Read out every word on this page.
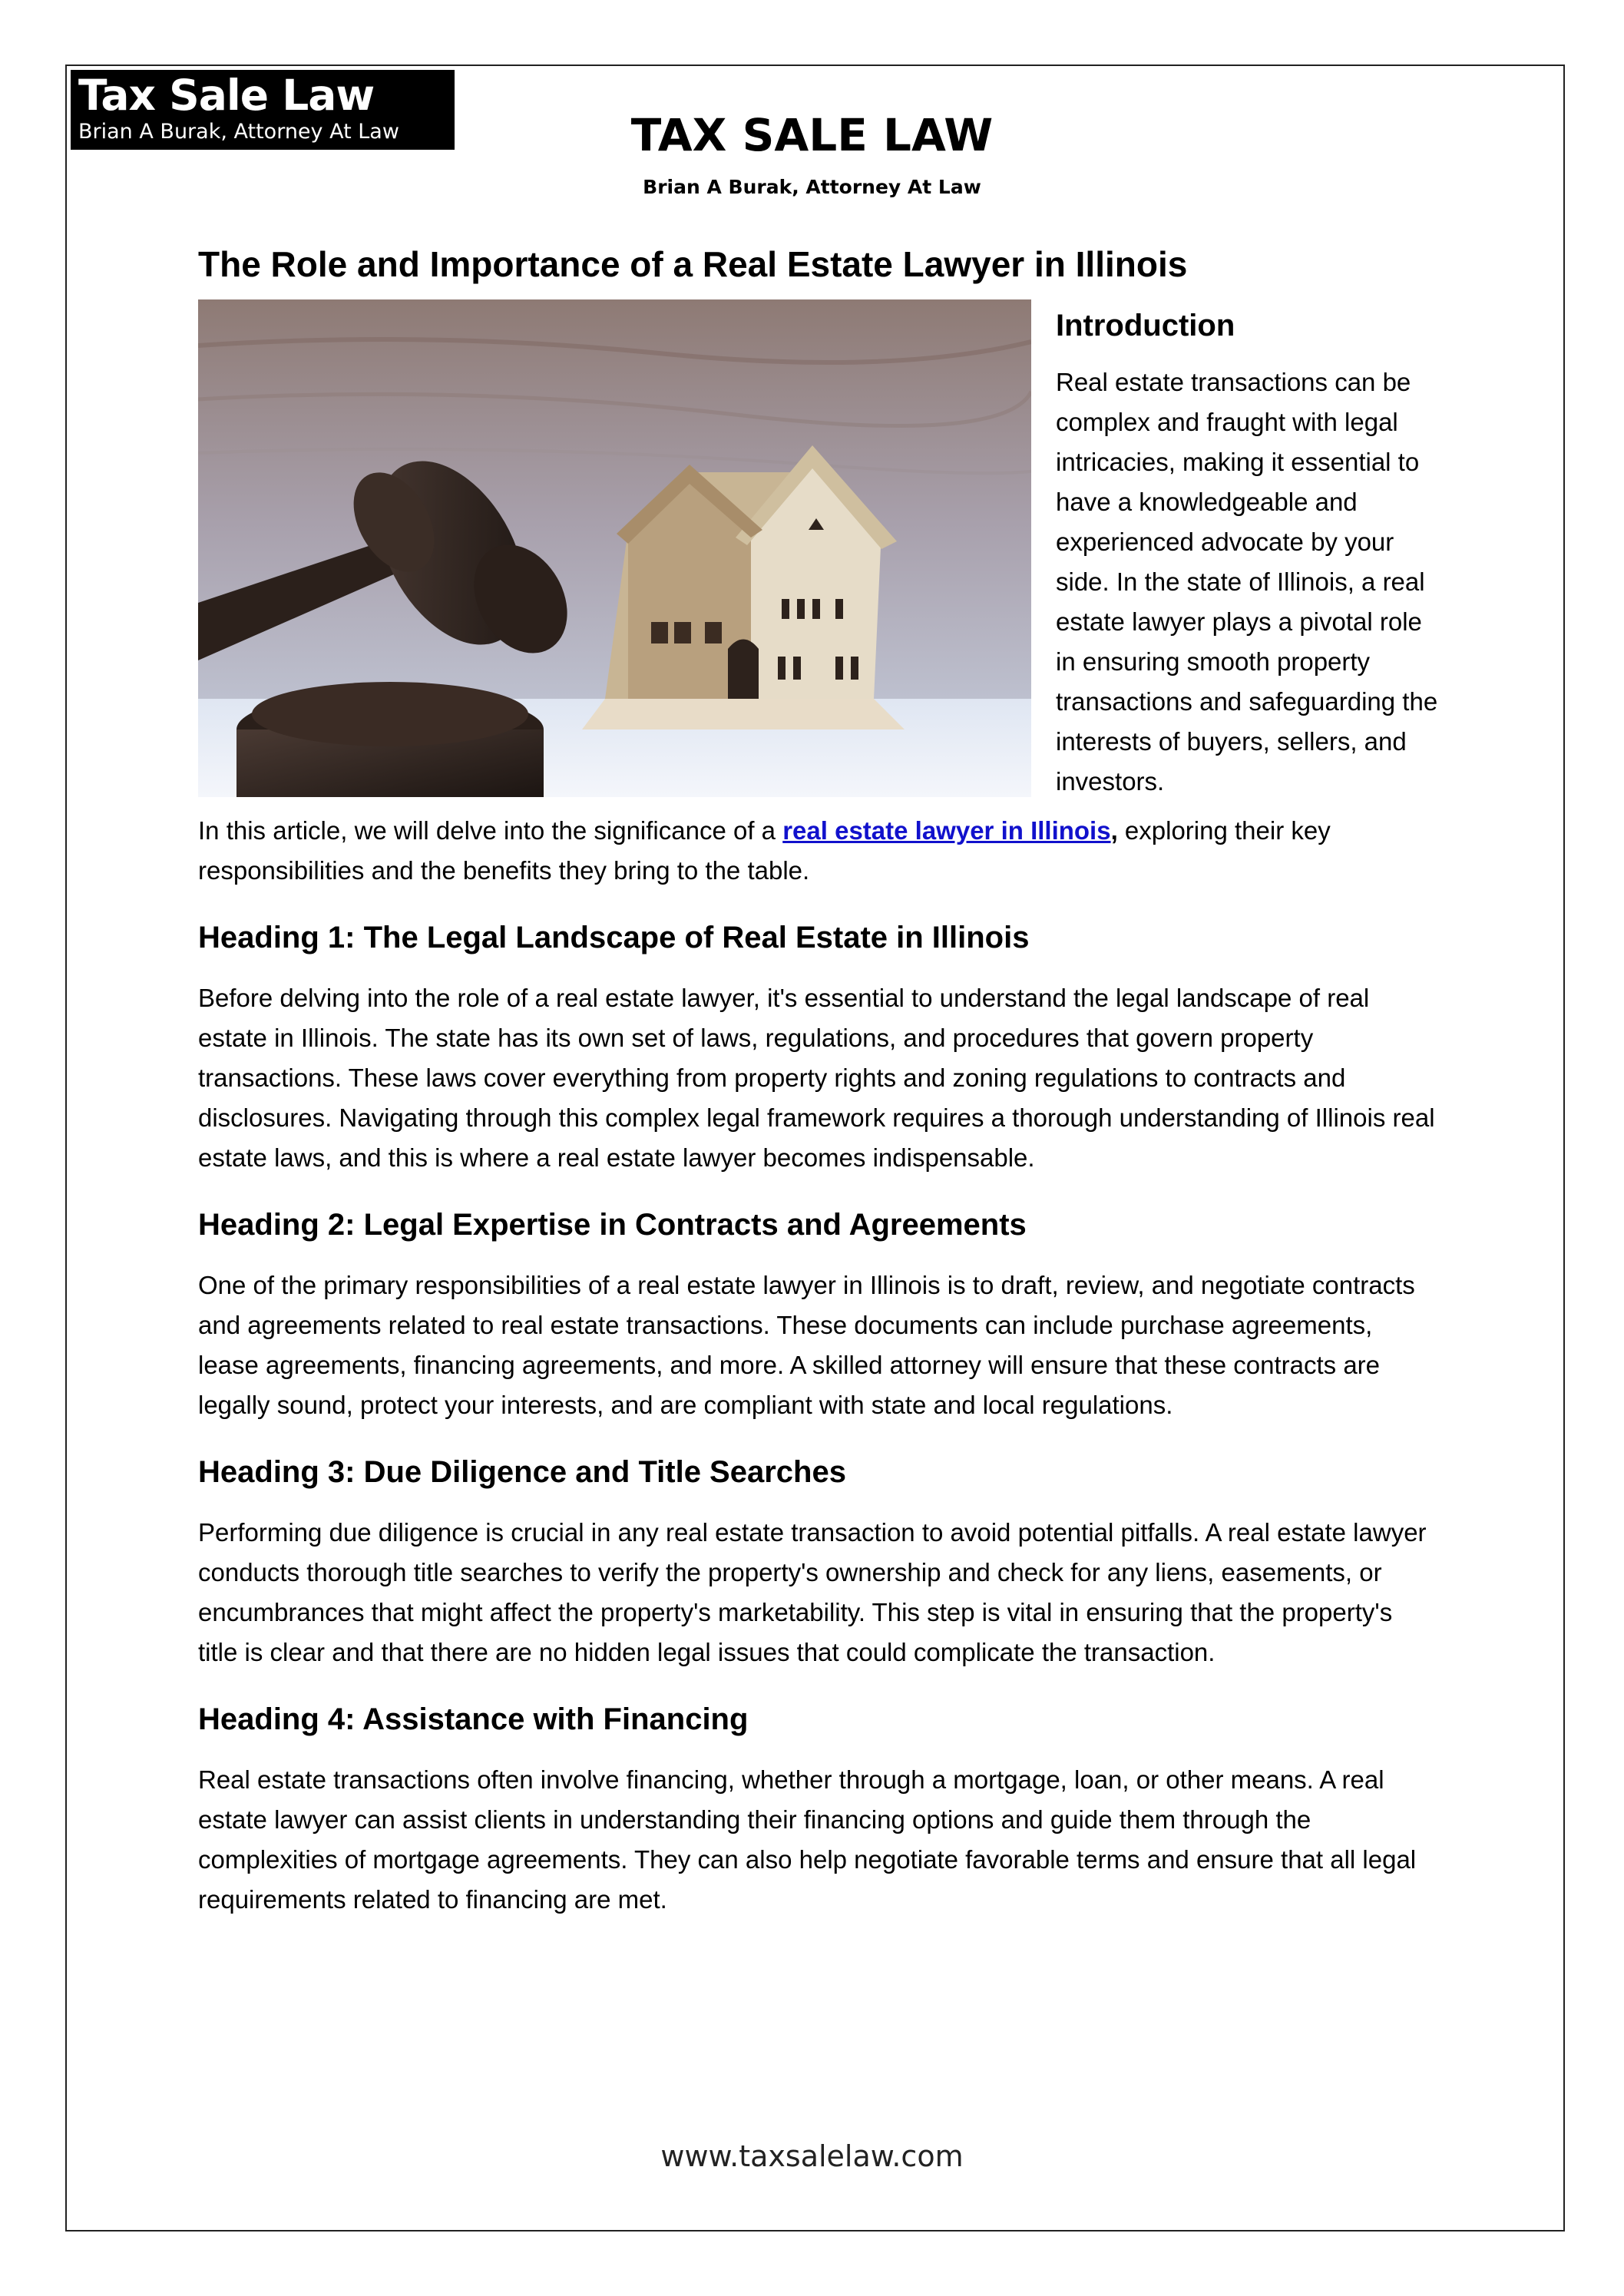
Tax Sale Law
Brian A Burak, Attorney At Law	TAX SALE LAW
Brian A Burak, Attorney At Law
The Role and Importance of a Real Estate Lawyer in Illinois
Introduction

Real estate transactions can be complex and fraught with legal intricacies, making it essential to have a knowledgeable and experienced advocate by your side. In the state of Illinois, a real estate lawyer plays a pivotal role in ensuring smooth property transactions and safeguarding the interests of buyers, sellers, and investors.

In this article, we will delve into the significance of a real estate lawyer in Illinois, exploring their key responsibilities and the benefits they bring to the table.

Heading 1: The Legal Landscape of Real Estate in Illinois

Before delving into the role of a real estate lawyer, it's essential to understand the legal landscape of real estate in Illinois. The state has its own set of laws, regulations, and procedures that govern property transactions. These laws cover everything from property rights and zoning regulations to contracts and disclosures. Navigating through this complex legal framework requires a thorough understanding of Illinois real estate laws, and this is where a real estate lawyer becomes indispensable.

Heading 2: Legal Expertise in Contracts and Agreements

One of the primary responsibilities of a real estate lawyer in Illinois is to draft, review, and negotiate contracts and agreements related to real estate transactions. These documents can include purchase agreements, lease agreements, financing agreements, and more. A skilled attorney will ensure that these contracts are legally sound, protect your interests, and are compliant with state and local regulations.

Heading 3: Due Diligence and Title Searches

Performing due diligence is crucial in any real estate transaction to avoid potential pitfalls. A real estate lawyer conducts thorough title searches to verify the property's ownership and check for any liens, easements, or encumbrances that might affect the property's marketability. This step is vital in ensuring that the property's title is clear and that there are no hidden legal issues that could complicate the transaction.

Heading 4: Assistance with Financing

Real estate transactions often involve financing, whether through a mortgage, loan, or other means. A real estate lawyer can assist clients in understanding their financing options and guide them through the complexities of mortgage agreements. They can also help negotiate favorable terms and ensure that all legal requirements related to financing are met.

www.taxsalelaw.com
